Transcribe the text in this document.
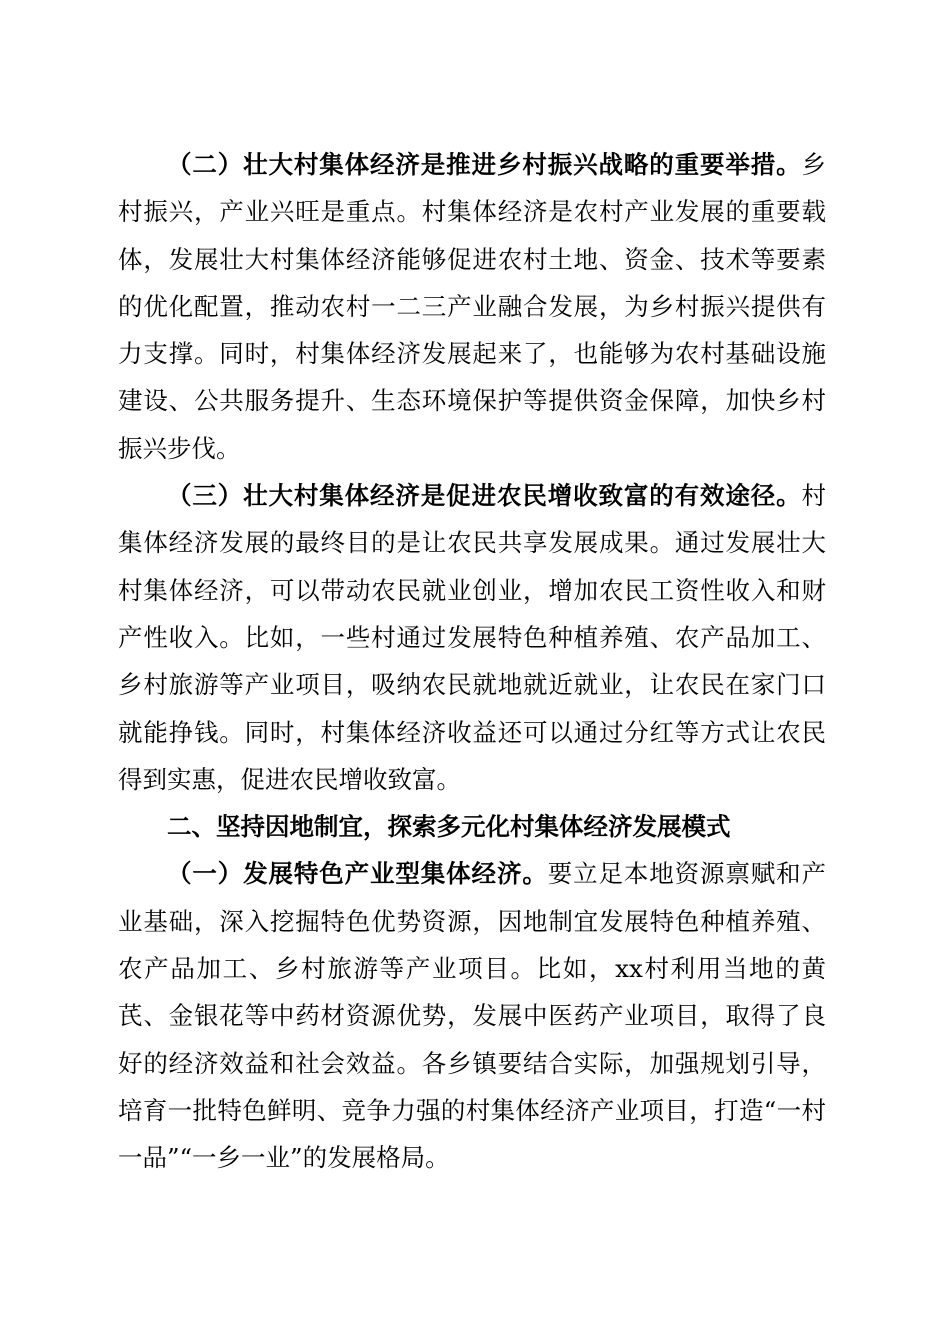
（二）壮大村集体经济是推进乡村振兴战略的重要举措。乡村振兴，产业兴旺是重点。村集体经济是农村产业发展的重要载体，发展壮大村集体经济能够促进农村土地、资金、技术等要素的优化配置，推动农村一二三产业融合发展，为乡村振兴提供有力支撑。同时，村集体经济发展起来了，也能够为农村基础设施建设、公共服务提升、生态环境保护等提供资金保障，加快乡村振兴步伐。

（三）壮大村集体经济是促进农民增收致富的有效途径。村集体经济发展的最终目的是让农民共享发展成果。通过发展壮大村集体经济，可以带动农民就业创业，增加农民工资性收入和财产性收入。比如，一些村通过发展特色种植养殖、农产品加工、乡村旅游等产业项目，吸纳农民就地就近就业，让农民在家门口就能挣钱。同时，村集体经济收益还可以通过分红等方式让农民得到实惠，促进农民增收致富。

二、坚持因地制宜，探索多元化村集体经济发展模式

（一）发展特色产业型集体经济。要立足本地资源禀赋和产业基础，深入挖掘特色优势资源，因地制宜发展特色种植养殖、农产品加工、乡村旅游等产业项目。比如，xx村利用当地的黄芪、金银花等中药材资源优势，发展中医药产业项目，取得了良好的经济效益和社会效益。各乡镇要结合实际，加强规划引导，培育一批特色鲜明、竞争力强的村集体经济产业项目，打造“一村一品”“一乡一业”的发展格局。
